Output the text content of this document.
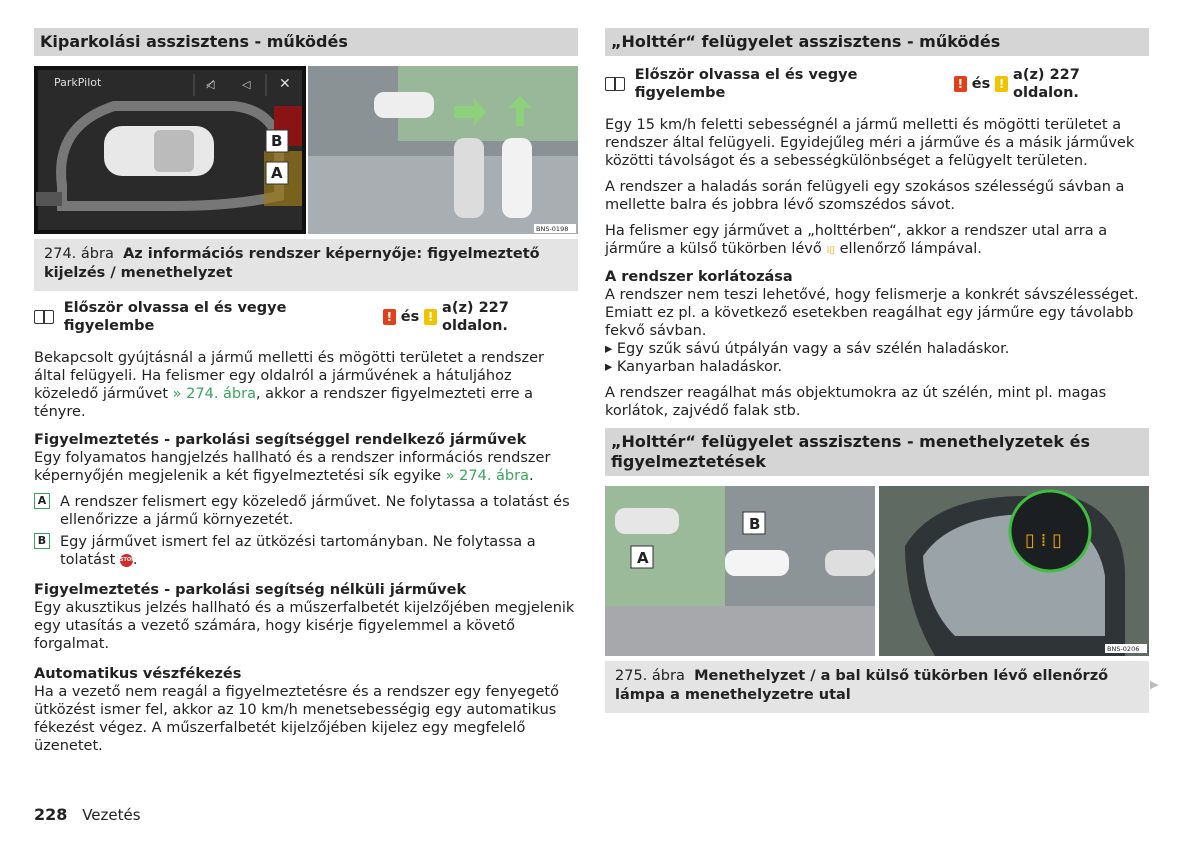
Kiparkolási asszisztens - működés
ParkPilot	◁̸	◁ ✕
B
A
BNS-0198
274. ábra Az információs rendszer képernyője: figyelmeztető kijelzés / menethelyzet
Először olvassa el és vegye figyelembe
! és !
a(z) 227 oldalon.

Bekapcsolt gyújtásnál a jármű melletti és mögötti területet a rendszer által felügyeli. Ha felismer egy oldalról a járművének a hátuljához közeledő járművet » 274. ábra, akkor a rendszer figyelmezteti erre a tényre.

Figyelmeztetés - parkolási segítséggel rendelkező járművek

Egy folyamatos hangjelzés hallható és a rendszer információs rendszer képernyőjén megjelenik a két figyelmeztetési sík egyike » 274. ábra.

A A rendszer felismert egy közeledő járművet. Ne folytassa a tolatást és ellenőrizze a jármű környezetét.
B Egy járművet ismert fel az ütközési tartományban. Ne folytassa a tolatást STOP.
Figyelmeztetés - parkolási segítség nélküli járművek

Egy akusztikus jelzés hallható és a műszerfalbetét kijelzőjében megjelenik egy utasítás a vezető számára, hogy kisérje figyelemmel a követő forgalmat.

Automatikus vészfékezés

Ha a vezető nem reagál a figyelmeztetésre és a rendszer egy fenyegető ütközést ismer fel, akkor az 10 km/h menetsebességig egy automatikus fékezést végez. A műszerfalbetét kijelzőjében kijelez egy megfelelő üzenetet.

„Holttér“ felügyelet asszisztens - működés
Először olvassa el és vegye figyelembe
! és !
a(z) 227 oldalon.

Egy 15 km/h feletti sebességnél a jármű melletti és mögötti területet a rendszer által felügyeli. Egyidejűleg méri a járműve és a másik járművek közötti távolságot és a sebességkülönbséget a felügyelt területen.

A rendszer a haladás során felügyeli egy szokásos szélességű sávban a mellette balra és jobbra lévő szomszédos sávot.

Ha felismer egy járművet a „holttérben“, akkor a rendszer utal arra a járműre a külső tükörben lévő ⁞▯ ellenőrző lámpával.

A rendszer korlátozása

A rendszer nem teszi lehetővé, hogy felismerje a konkrét sávszélességet. Emiatt ez pl. a következő esetekben reagálhat egy járműre egy távolabb fekvő sávban.

▸ Egy szűk sávú útpályán vagy a sáv szélén haladáskor.

▸ Kanyarban haladáskor.

A rendszer reagálhat más objektumokra az út szélén, mint pl. magas korlátok, zajvédő falak stb.

„Holttér“ felügyelet asszisztens - menethelyzetek és figyelmeztetések
B
A
▯ ⁞ ▯
BNS-0206
275. ábra Menethelyzet / a bal külső tükörben lévő ellenőrző lámpa a menethelyzetre utal
▶
228 Vezetés
